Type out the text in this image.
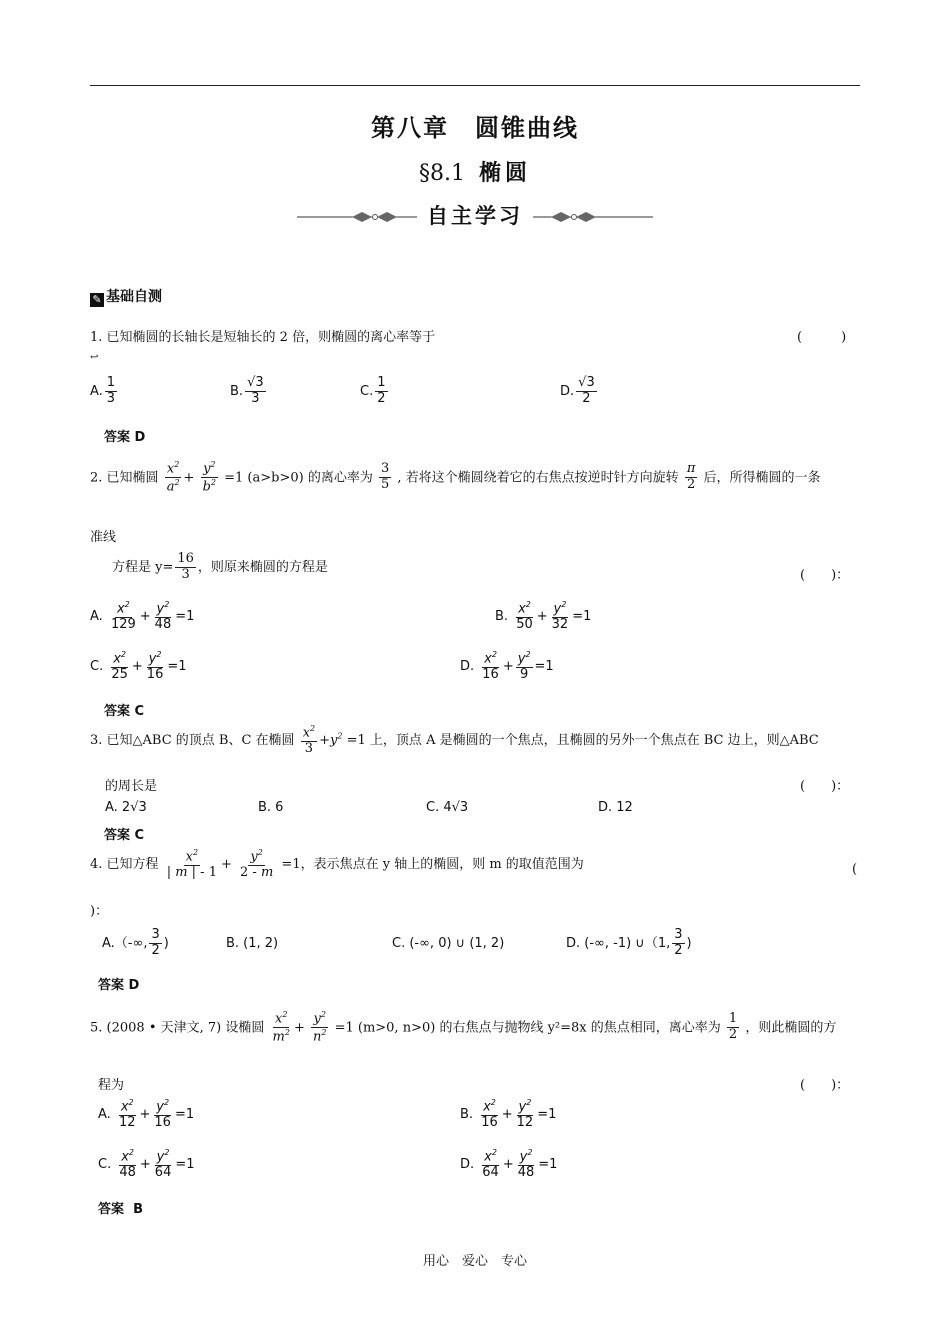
第八章　圆锥曲线
§8.1 椭圆
自主学习
✎ 基础自测
1. 已知椭圆的长轴长是短轴长的 2 倍，则椭圆的离心率等于	(　　　)
↩
A. $\frac{1}{3}$	B. $\frac{√3}{3}$	C. $\frac{1}{2}$	D. $\frac{√3}{2}$
答案 D
2. 已知椭圆 $\frac{x^2}{a^2} + \frac{y^2}{b^2} =1$ (a>b>0) 的离心率为 $\frac{3}{5}$ , 若将这个椭圆绕着它的右焦点按逆时针方向旋转 $\frac{\pi}{2}$ 后，所得椭圆的一条
准线
方程是 $y= \frac{16}{3}$ ，则原来椭圆的方程是
(　　)：
A. $\frac{x^2}{129} + \frac{y^2}{48} =1$	B. $\frac{x^2}{50} + \frac{y^2}{32} =1$
C. $\frac{x^2}{25} + \frac{y^2}{16} =1$	D. $\frac{x^2}{16} + \frac{y^2}{9} =1$
答案 C
3. 已知△ABC 的顶点 B、C 在椭圆 $\frac{x^2}{3} +y^2 =1$ 上，顶点 A 是椭圆的一个焦点，且椭圆的另外一个焦点在 BC 边上，则△ABC
的周长是	(　　)：
A. 2√3	B. 6	C. 4√3	D. 12
答案 C
4. 已知方程 $\frac{x^2}{| m | - 1} + \frac{y^2}{2 - m} =1$，表示焦点在 y 轴上的椭圆，则 m 的取值范围为	(
)：
A.（-∞, $\frac{3}{2}$ )	B. (1, 2)	C. (-∞, 0) ∪ (1, 2)	D. (-∞, -1) ∪（1, $\frac{3}{2}$ )
答案 D
5. (2008 • 天津文, 7) 设椭圆 $\frac{x^2}{m^2} + \frac{y^2}{n^2} =1$ (m>0, n>0) 的右焦点与抛物线 y²=8x 的焦点相同，离心率为 $\frac{1}{2}$ ，则此椭圆的方
程为	(　　)：
A. $\frac{x^2}{12} + \frac{y^2}{16} =1$	B. $\frac{x^2}{16} + \frac{y^2}{12} =1$
C. $\frac{x^2}{48} + \frac{y^2}{64} =1$	D. $\frac{x^2}{64} + \frac{y^2}{48} =1$
答案 B
用心　爱心　专心
